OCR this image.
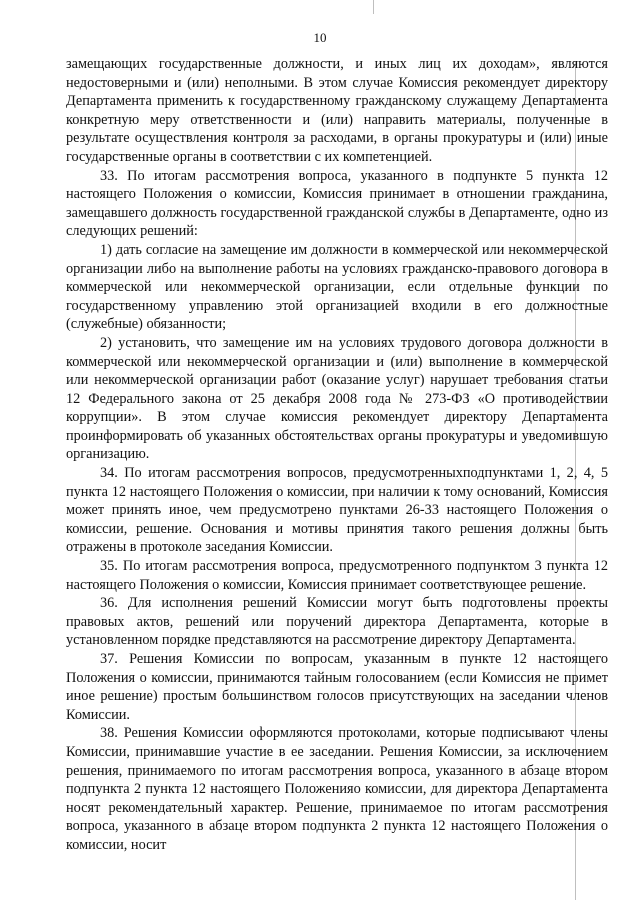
10

замещающих государственные должности, и иных лиц их доходам», являются недостоверными и (или) неполными. В этом случае Комиссия рекомендует директору Департамента применить к государственному гражданскому служащему Департамента конкретную меру ответственности и (или) направить материалы, полученные в результате осуществления контроля за расходами, в органы прокуратуры и (или) иные государственные органы в соответствии с их компетенцией.

33. По итогам рассмотрения вопроса, указанного в подпункте 5 пункта 12 настоящего Положения о комиссии, Комиссия принимает в отношении гражданина, замещавшего должность государственной гражданской службы в Департаменте, одно из следующих решений:

1) дать согласие на замещение им должности в коммерческой или некоммерческой организации либо на выполнение работы на условиях гражданско-правового договора в коммерческой или некоммерческой организации, если отдельные функции по государственному управлению этой организацией входили в его должностные (служебные) обязанности;

2) установить, что замещение им на условиях трудового договора должности в коммерческой или некоммерческой организации и (или) выполнение в коммерческой или некоммерческой организации работ (оказание услуг) нарушает требования статьи 12 Федерального закона от 25 декабря 2008 года № 273-ФЗ «О противодействии коррупции». В этом случае комиссия рекомендует директору Департамента проинформировать об указанных обстоятельствах органы прокуратуры и уведомившую организацию.

34. По итогам рассмотрения вопросов, предусмотренныхподпунктами 1, 2, 4, 5 пункта 12 настоящего Положения о комиссии, при наличии к тому оснований, Комиссия может принять иное, чем предусмотрено пунктами 26-33 настоящего Положения о комиссии, решение. Основания и мотивы принятия такого решения должны быть отражены в протоколе заседания Комиссии.

35. По итогам рассмотрения вопроса, предусмотренного подпунктом 3 пункта 12 настоящего Положения о комиссии, Комиссия принимает соответствующее решение.

36. Для исполнения решений Комиссии могут быть подготовлены проекты правовых актов, решений или поручений директора Департамента, которые в установленном порядке представляются на рассмотрение директору Департамента.

37. Решения Комиссии по вопросам, указанным в пункте 12 настоящего Положения о комиссии, принимаются тайным голосованием (если Комиссия не примет иное решение) простым большинством голосов присутствующих на заседании членов Комиссии.

38. Решения Комиссии оформляются протоколами, которые подписывают члены Комиссии, принимавшие участие в ее заседании. Решения Комиссии, за исключением решения, принимаемого по итогам рассмотрения вопроса, указанного в абзаце втором подпункта 2 пункта 12 настоящего Положенияо комиссии, для директора Департамента носят рекомендательный характер. Решение, принимаемое по итогам рассмотрения вопроса, указанного в абзаце втором подпункта 2 пункта 12 настоящего Положения о комиссии, носит
